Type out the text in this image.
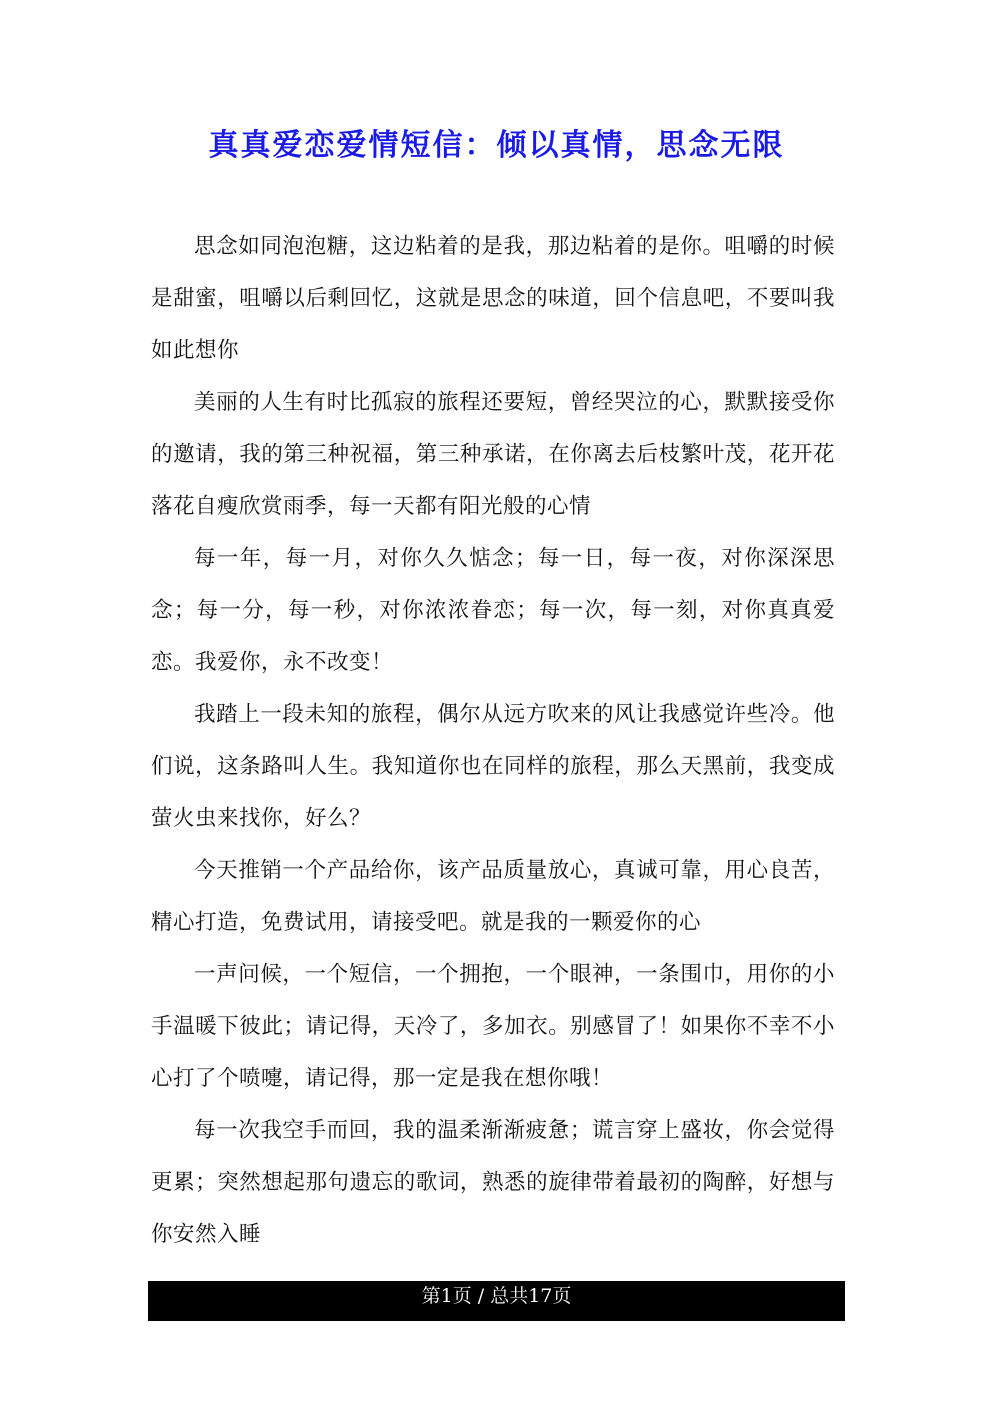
真真爱恋爱情短信：倾以真情，思念无限

思念如同泡泡糖，这边粘着的是我，那边粘着的是你。咀嚼的时候是甜蜜，咀嚼以后剩回忆，这就是思念的味道，回个信息吧，不要叫我如此想你

美丽的人生有时比孤寂的旅程还要短，曾经哭泣的心，默默接受你的邀请，我的第三种祝福，第三种承诺，在你离去后枝繁叶茂，花开花落花自瘦欣赏雨季，每一天都有阳光般的心情

每一年，每一月，对你久久惦念；每一日，每一夜，对你深深思念；每一分，每一秒，对你浓浓眷恋；每一次，每一刻，对你真真爱恋。我爱你，永不改变！

我踏上一段未知的旅程，偶尔从远方吹来的风让我感觉许些冷。他们说，这条路叫人生。我知道你也在同样的旅程，那么天黑前，我变成萤火虫来找你，好么？

今天推销一个产品给你，该产品质量放心，真诚可靠，用心良苦，精心打造，免费试用，请接受吧。就是我的一颗爱你的心

一声问候，一个短信，一个拥抱，一个眼神，一条围巾，用你的小手温暖下彼此；请记得，天冷了，多加衣。别感冒了！如果你不幸不小心打了个喷嚏，请记得，那一定是我在想你哦！

每一次我空手而回，我的温柔渐渐疲惫；谎言穿上盛妆，你会觉得更累；突然想起那句遗忘的歌词，熟悉的旋律带着最初的陶醉，好想与你安然入睡

第1页 / 总共17页
